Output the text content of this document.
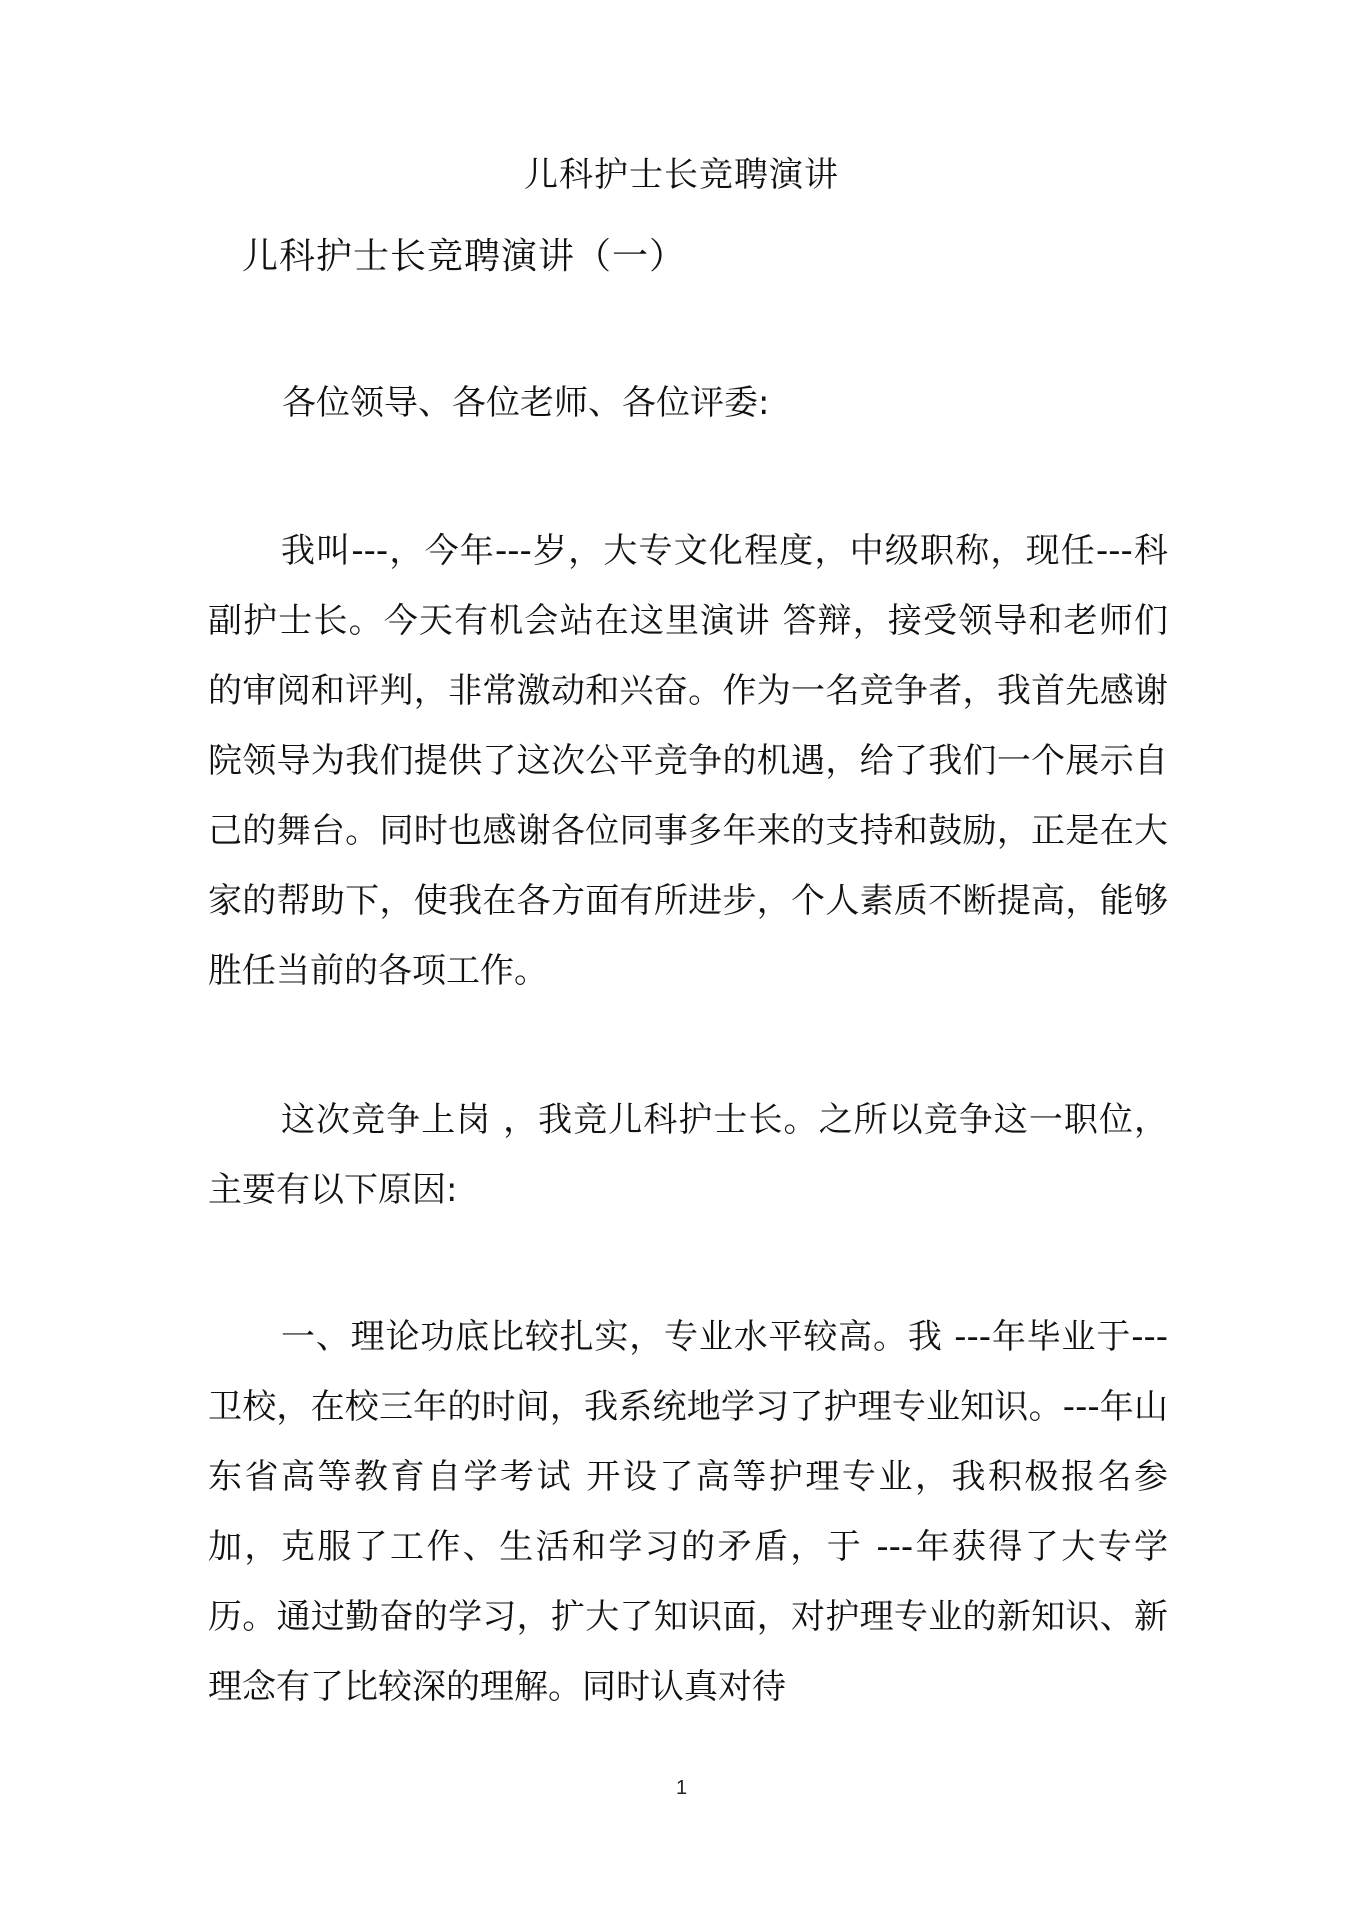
儿科护士长竞聘演讲
儿科护士长竞聘演讲（一）
各位领导、各位老师、各位评委:

我叫---，今年---岁，大专文化程度，中级职称，现任---科副护士长。今天有机会站在这里演讲 答辩，接受领导和老师们的审阅和评判，非常激动和兴奋。作为一名竞争者，我首先感谢院领导为我们提供了这次公平竞争的机遇，给了我们一个展示自己的舞台。同时也感谢各位同事多年来的支持和鼓励，正是在大家的帮助下，使我在各方面有所进步，个人素质不断提高，能够胜任当前的各项工作。

这次竞争上岗 ，我竞儿科护士长。之所以竞争这一职位，主要有以下原因:

一、理论功底比较扎实，专业水平较高。我 ---年毕业于---卫校，在校三年的时间，我系统地学习了护理专业知识。---年山东省高等教育自学考试 开设了高等护理专业，我积极报名参加，克服了工作、生活和学习的矛盾，于 ---年获得了大专学历。通过勤奋的学习，扩大了知识面，对护理专业的新知识、新理念有了比较深的理解。同时认真对待

1
